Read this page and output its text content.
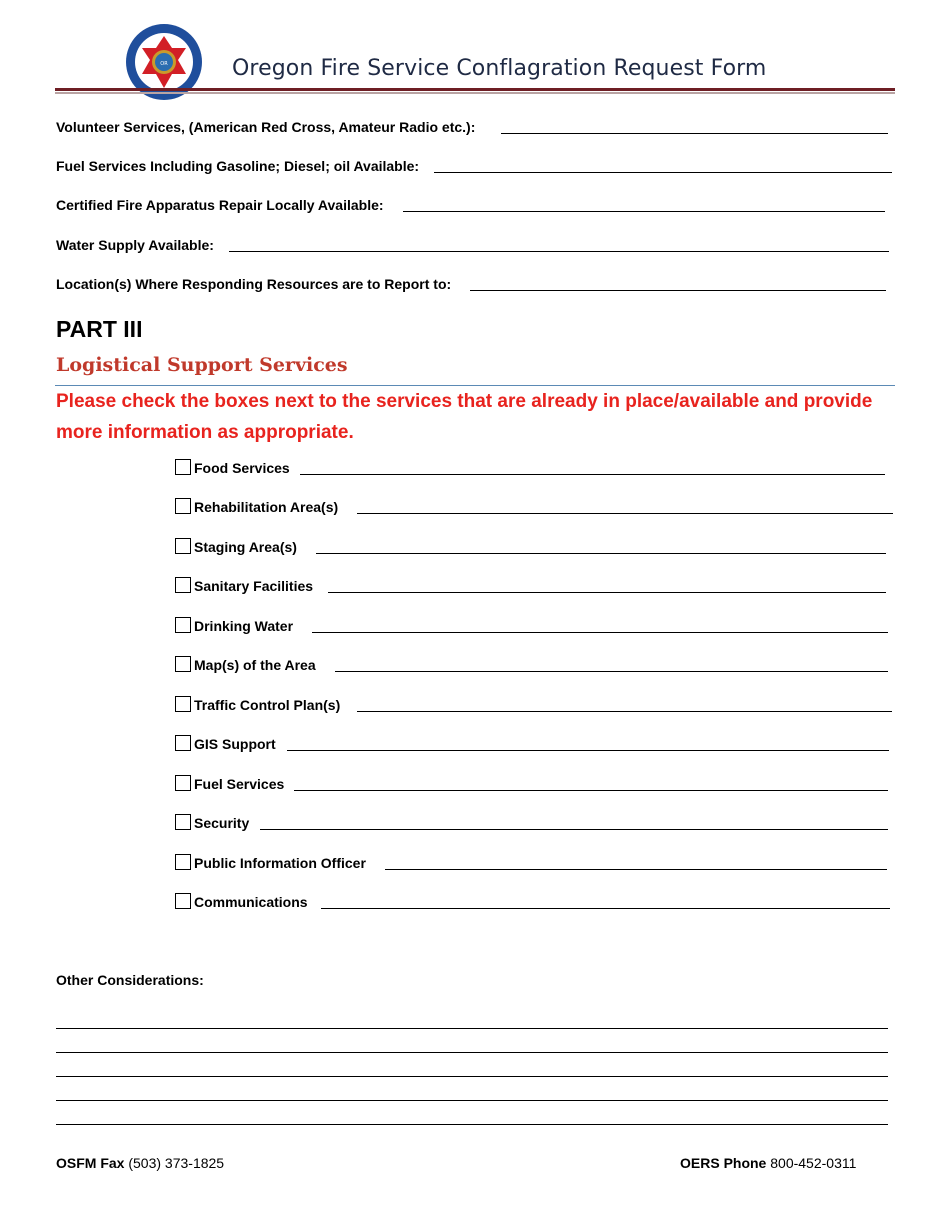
OR	Oregon Fire Service Conflagration Request Form
Volunteer Services, (American Red Cross, Amateur Radio etc.):
Fuel Services Including Gasoline; Diesel; oil Available:
Certified Fire Apparatus Repair Locally Available:
Water Supply Available:
Location(s) Where Responding Resources are to Report to:
PART III
Logistical Support Services
Please check the boxes next to the services that are already in place/available and provide more information as appropriate.
Food Services
Rehabilitation Area(s)
Staging Area(s)
Sanitary Facilities
Drinking Water
Map(s) of the Area
Traffic Control Plan(s)
GIS Support
Fuel Services
Security
Public Information Officer
Communications
Other Considerations:
OSFM Fax (503) 373-1825	OERS Phone 800-452-0311
